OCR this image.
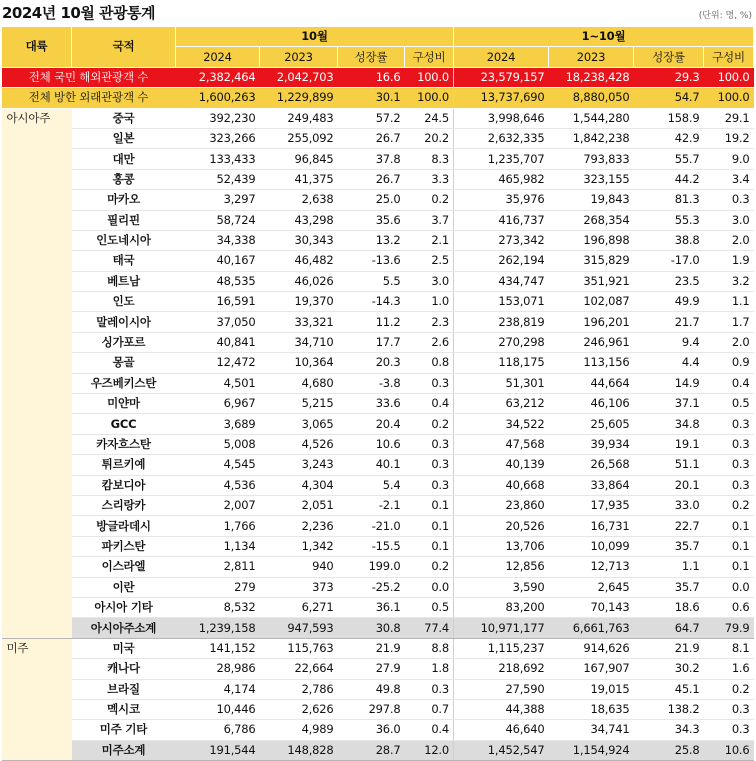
2024년 10월 관광통계	(단위: 명, %)
대륙	국적	10월				1~10월			
		2024	2023	성장률	구성비	2024	2023	성장률	구성비
전체 국민 해외관광객 수		2,382,464	2,042,703	16.6	100.0	23,579,157	18,238,428	29.3	100.0
전체 방한 외래관광객 수		1,600,263	1,229,899	30.1	100.0	13,737,690	8,880,050	54.7	100.0
아시아주	중국	392,230	249,483	57.2	24.5	3,998,646	1,544,280	158.9	29.1
	일본	323,266	255,092	26.7	20.2	2,632,335	1,842,238	42.9	19.2
	대만	133,433	96,845	37.8	8.3	1,235,707	793,833	55.7	9.0
	홍콩	52,439	41,375	26.7	3.3	465,982	323,155	44.2	3.4
	마카오	3,297	2,638	25.0	0.2	35,976	19,843	81.3	0.3
	필리핀	58,724	43,298	35.6	3.7	416,737	268,354	55.3	3.0
	인도네시아	34,338	30,343	13.2	2.1	273,342	196,898	38.8	2.0
	태국	40,167	46,482	-13.6	2.5	262,194	315,829	-17.0	1.9
	베트남	48,535	46,026	5.5	3.0	434,747	351,921	23.5	3.2
	인도	16,591	19,370	-14.3	1.0	153,071	102,087	49.9	1.1
	말레이시아	37,050	33,321	11.2	2.3	238,819	196,201	21.7	1.7
	싱가포르	40,841	34,710	17.7	2.6	270,298	246,961	9.4	2.0
	몽골	12,472	10,364	20.3	0.8	118,175	113,156	4.4	0.9
	우즈베키스탄	4,501	4,680	-3.8	0.3	51,301	44,664	14.9	0.4
	미얀마	6,967	5,215	33.6	0.4	63,212	46,106	37.1	0.5
	GCC	3,689	3,065	20.4	0.2	34,522	25,605	34.8	0.3
	카자흐스탄	5,008	4,526	10.6	0.3	47,568	39,934	19.1	0.3
	튀르키예	4,545	3,243	40.1	0.3	40,139	26,568	51.1	0.3
	캄보디아	4,536	4,304	5.4	0.3	40,668	33,864	20.1	0.3
	스리랑카	2,007	2,051	-2.1	0.1	23,860	17,935	33.0	0.2
	방글라데시	1,766	2,236	-21.0	0.1	20,526	16,731	22.7	0.1
	파키스탄	1,134	1,342	-15.5	0.1	13,706	10,099	35.7	0.1
	이스라엘	2,811	940	199.0	0.2	12,856	12,713	1.1	0.1
	이란	279	373	-25.2	0.0	3,590	2,645	35.7	0.0
	아시아 기타	8,532	6,271	36.1	0.5	83,200	70,143	18.6	0.6
	아시아주소계	1,239,158	947,593	30.8	77.4	10,971,177	6,661,763	64.7	79.9
미주	미국	141,152	115,763	21.9	8.8	1,115,237	914,626	21.9	8.1
	캐나다	28,986	22,664	27.9	1.8	218,692	167,907	30.2	1.6
	브라질	4,174	2,786	49.8	0.3	27,590	19,015	45.1	0.2
	멕시코	10,446	2,626	297.8	0.7	44,388	18,635	138.2	0.3
	미주 기타	6,786	4,989	36.0	0.4	46,640	34,741	34.3	0.3
	미주소계	191,544	148,828	28.7	12.0	1,452,547	1,154,924	25.8	10.6
